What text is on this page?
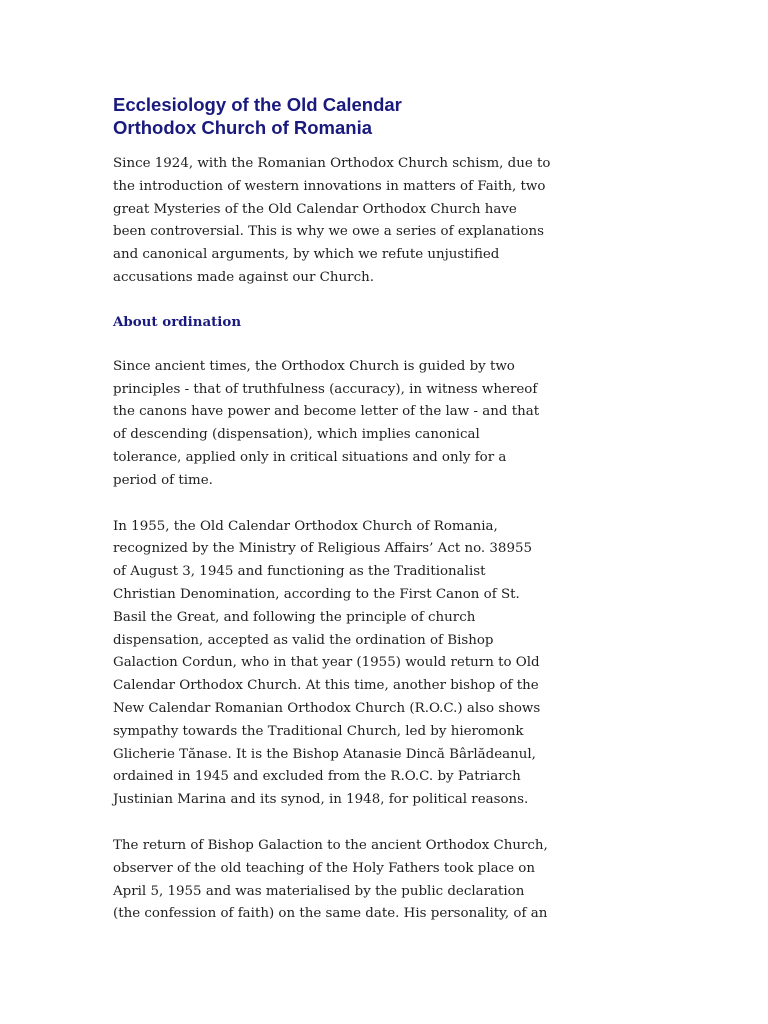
Ecclesiology of the Old Calendar
Orthodox Church of Romania

Since 1924, with the Romanian Orthodox Church schism, due to
the introduction of western innovations in matters of Faith, two
great Mysteries of the Old Calendar Orthodox Church have
been controversial. This is why we owe a series of explanations
and canonical arguments, by which we refute unjustified
accusations made against our Church.

About ordination

Since ancient times, the Orthodox Church is guided by two
principles - that of truthfulness (accuracy), in witness whereof
the canons have power and become letter of the law - and that
of descending (dispensation), which implies canonical
tolerance, applied only in critical situations and only for a
period of time.

In 1955, the Old Calendar Orthodox Church of Romania,
recognized by the Ministry of Religious Affairs’ Act no. 38955
of August 3, 1945 and functioning as the Traditionalist
Christian Denomination, according to the First Canon of St.
Basil the Great, and following the principle of church
dispensation, accepted as valid the ordination of Bishop
Galaction Cordun, who in that year (1955) would return to Old
Calendar Orthodox Church. At this time, another bishop of the
New Calendar Romanian Orthodox Church (R.O.C.) also shows
sympathy towards the Traditional Church, led by hieromonk
Glicherie Tănase. It is the Bishop Atanasie Dincă Bârlădeanul,
ordained in 1945 and excluded from the R.O.C. by Patriarch
Justinian Marina and its synod, in 1948, for political reasons.

The return of Bishop Galaction to the ancient Orthodox Church,
observer of the old teaching of the Holy Fathers took place on
April 5, 1955 and was materialised by the public declaration
(the confession of faith) on the same date. His personality, of an
